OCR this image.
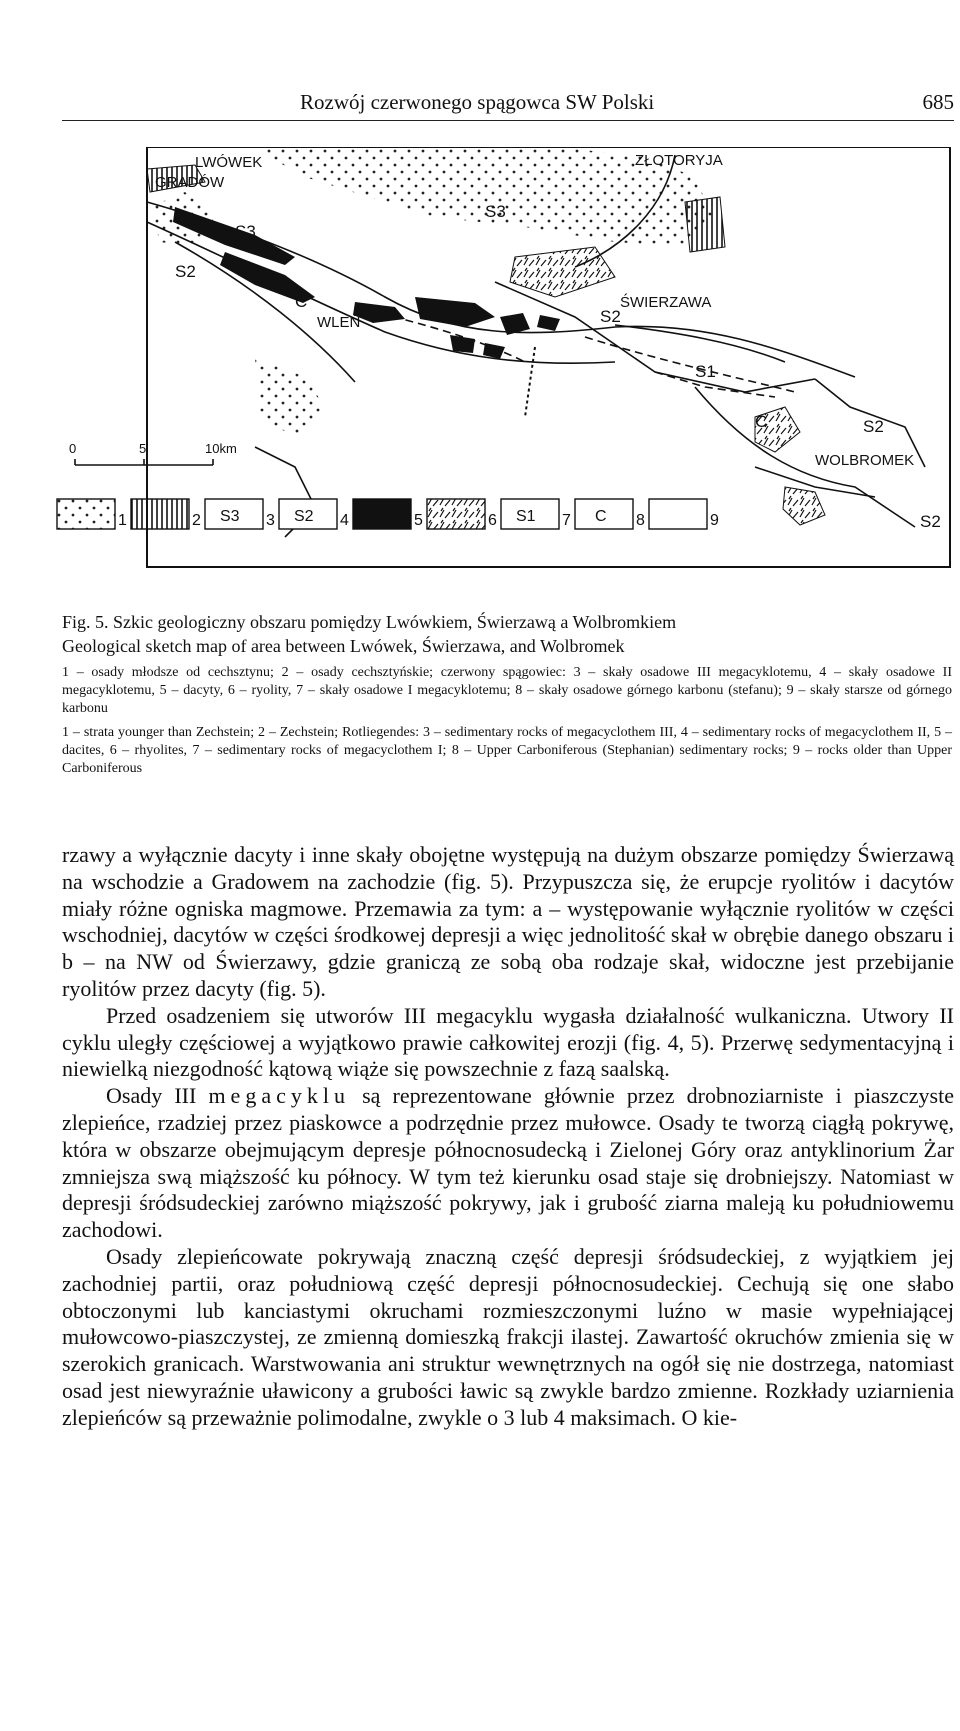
Rozwój czerwonego spągowca SW Polski	685
LWÓWEK
GRADÓW
ZŁOTORYJA
ŚWIERZAWA
WLEŃ
WOLBROMEK
S3
S3
S2
S2
S2
S2
S1
C
C
0	5	10km
1	2 S3 3 S2 4	5	6 S1 7 C 8	9

Fig. 5. Szkic geologiczny obszaru pomiędzy Lwówkiem, Świerzawą a Wolbromkiem

Geological sketch map of area between Lwówek, Świerzawa, and Wolbromek

1 – osady młodsze od cechsztynu; 2 – osady cechsztyńskie; czerwony spągowiec: 3 – skały osadowe III megacyklotemu, 4 – skały osadowe II megacyklotemu, 5 – dacyty, 6 – ryolity, 7 – skały osadowe I megacyklotemu; 8 – skały osadowe górnego karbonu (stefanu); 9 – skały starsze od górnego karbonu

1 – strata younger than Zechstein; 2 – Zechstein; Rotliegendes: 3 – sedimentary rocks of megacyclothem III, 4 – sedimentary rocks of megacyclothem II, 5 – dacites, 6 – rhyolites, 7 – sedimentary rocks of megacyclothem I; 8 – Upper Carboniferous (Stephanian) sedimentary rocks; 9 – rocks older than Upper Carboniferous

rzawy a wyłącznie dacyty i inne skały obojętne występują na dużym obszarze pomiędzy Świerzawą na wschodzie a Gradowem na zachodzie (fig. 5). Przypuszcza się, że erupcje ryolitów i dacytów miały różne ogniska magmowe. Przemawia za tym: a – występowanie wyłącznie ryolitów w części wschodniej, dacytów w części środkowej depresji a więc jednolitość skał w obrębie danego obszaru i b – na NW od Świerzawy, gdzie graniczą ze sobą oba rodzaje skał, widoczne jest przebijanie ryolitów przez dacyty (fig. 5).

Przed osadzeniem się utworów III megacyklu wygasła działalność wulkaniczna. Utwory II cyklu uległy częściowej a wyjątkowo prawie całkowitej erozji (fig. 4, 5). Przerwę sedymentacyjną i niewielką niezgodność kątową wiąże się powszechnie z fazą saalską.

Osady III megacyklu są reprezentowane głównie przez drobnoziarniste i piaszczyste zlepieńce, rzadziej przez piaskowce a podrzędnie przez mułowce. Osady te tworzą ciągłą pokrywę, która w obszarze obejmującym depresje północnosudecką i Zielonej Góry oraz antyklinorium Żar zmniejsza swą miąższość ku północy. W tym też kierunku osad staje się drobniejszy. Natomiast w depresji śródsudeckiej zarówno miąższość pokrywy, jak i grubość ziarna maleją ku południowemu zachodowi.

Osady zlepieńcowate pokrywają znaczną część depresji śródsudeckiej, z wyjątkiem jej zachodniej partii, oraz południową część depresji północnosudeckiej. Cechują się one słabo obtoczonymi lub kanciastymi okruchami rozmieszczonymi luźno w masie wypełniającej mułowcowo-piaszczystej, ze zmienną domieszką frakcji ilastej. Zawartość okruchów zmienia się w szerokich granicach. Warstwowania ani struktur wewnętrznych na ogół się nie dostrzega, natomiast osad jest niewyraźnie uławicony a grubości ławic są zwykle bardzo zmienne. Rozkłady uziarnienia zlepieńców są przeważnie polimodalne, zwykle o 3 lub 4 maksimach. O kie-
